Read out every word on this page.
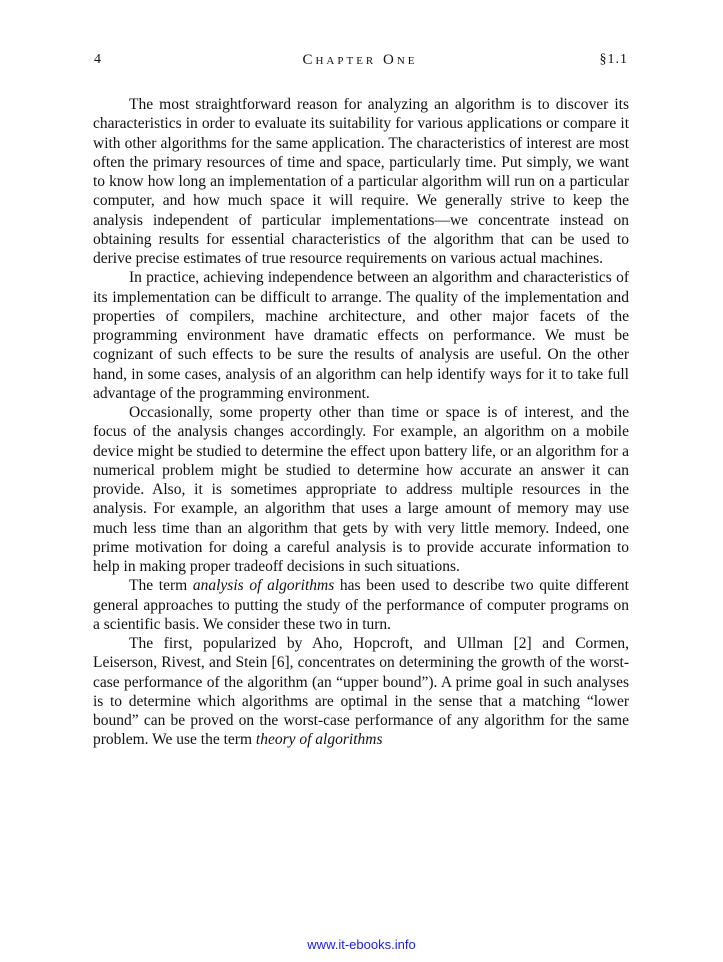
4	Chapter One	§1.1

The most straightforward reason for analyzing an algorithm is to discover its characteristics in order to evaluate its suitability for various applications or compare it with other algorithms for the same application. The characteristics of interest are most often the primary resources of time and space, particularly time. Put simply, we want to know how long an implementation of a particular algorithm will run on a particular computer, and how much space it will require. We generally strive to keep the analysis independent of particular implementations—we concentrate instead on obtaining results for essential characteristics of the algorithm that can be used to derive precise estimates of true resource requirements on various actual machines.

In practice, achieving independence between an algorithm and characteristics of its implementation can be difficult to arrange. The quality of the implementation and properties of compilers, machine architecture, and other major facets of the programming environment have dramatic effects on performance. We must be cognizant of such effects to be sure the results of analysis are useful. On the other hand, in some cases, analysis of an algorithm can help identify ways for it to take full advantage of the programming environment.

Occasionally, some property other than time or space is of interest, and the focus of the analysis changes accordingly. For example, an algorithm on a mobile device might be studied to determine the effect upon battery life, or an algorithm for a numerical problem might be studied to determine how accurate an answer it can provide. Also, it is sometimes appropriate to address multiple resources in the analysis. For example, an algorithm that uses a large amount of memory may use much less time than an algorithm that gets by with very little memory. Indeed, one prime motivation for doing a careful analysis is to provide accurate information to help in making proper tradeoff decisions in such situations.

The term analysis of algorithms has been used to describe two quite different general approaches to putting the study of the performance of computer programs on a scientific basis. We consider these two in turn.

The first, popularized by Aho, Hopcroft, and Ullman [2] and Cormen, Leiserson, Rivest, and Stein [6], concentrates on determining the growth of the worst-case performance of the algorithm (an “upper bound”). A prime goal in such analyses is to determine which algorithms are optimal in the sense that a matching “lower bound” can be proved on the worst-case performance of any algorithm for the same problem. We use the term theory of algorithms

www.it-ebooks.info
